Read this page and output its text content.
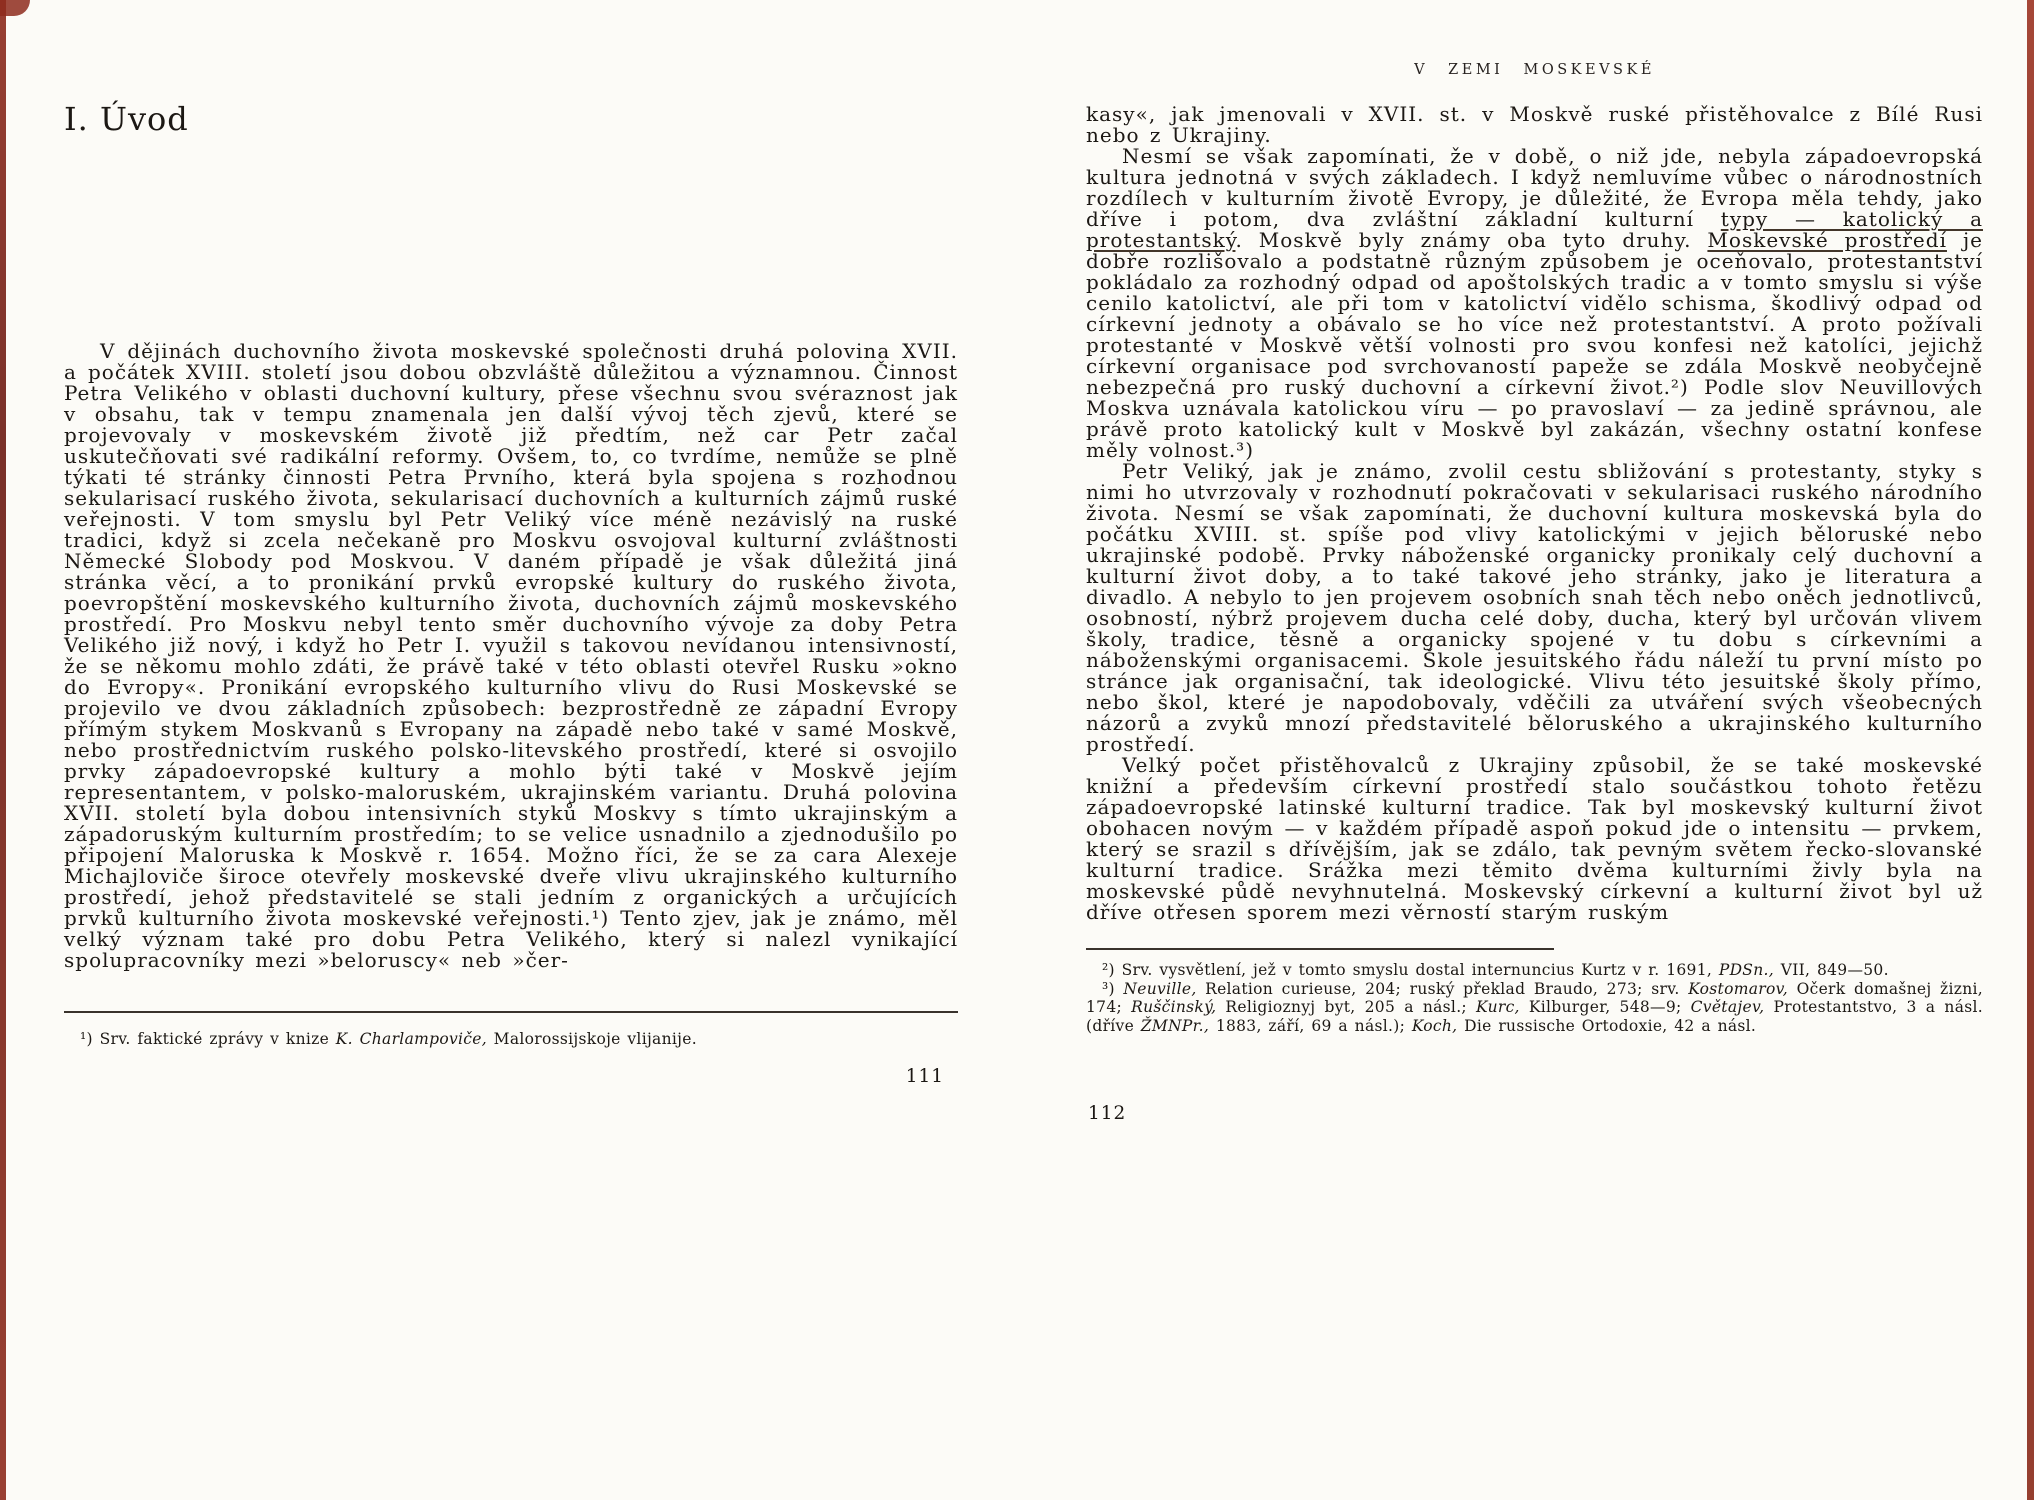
I. Úvod

V dějinách duchovního života moskevské společnosti druhá polovina XVII. a počátek XVIII. století jsou dobou obzvláště důležitou a významnou. Činnost Petra Velikého v oblasti duchovní kultury, přese všechnu svou svéraznost jak v obsahu, tak v tempu znamenala jen další vývoj těch zjevů, které se projevovaly v moskevském životě již předtím, než car Petr začal uskutečňovati své radikální reformy. Ovšem, to, co tvrdíme, nemůže se plně týkati té stránky činnosti Petra Prvního, která byla spojena s rozhodnou sekularisací ruského života, sekularisací duchovních a kulturních zájmů ruské veřejnosti. V tom smyslu byl Petr Veliký více méně nezávislý na ruské tradici, když si zcela nečekaně pro Moskvu osvojoval kulturní zvláštnosti Německé Slobody pod Moskvou. V daném případě je však důležitá jiná stránka věcí, a to pronikání prvků evropské kultury do ruského života, poevropštění moskevského kulturního života, duchovních zájmů moskevského prostředí. Pro Moskvu nebyl tento směr duchovního vývoje za doby Petra Velikého již nový, i když ho Petr I. využil s takovou nevídanou intensivností, že se někomu mohlo zdáti, že právě také v této oblasti otevřel Rusku »okno do Evropy«. Pronikání evropského kulturního vlivu do Rusi Moskevské se projevilo ve dvou základních způsobech: bezprostředně ze západní Evropy přímým stykem Moskvanů s Evropany na západě nebo také v samé Moskvě, nebo prostřednictvím ruského polsko-litevského prostředí, které si osvojilo prvky západoevropské kultury a mohlo býti také v Moskvě jejím representantem, v polsko-maloruském, ukrajinském variantu. Druhá polovina XVII. století byla dobou intensivních styků Moskvy s tímto ukrajinským a západoruským kulturním prostředím; to se velice usnadnilo a zjednodušilo po připojení Maloruska k Moskvě r. 1654. Možno říci, že se za cara Alexeje Michajloviče široce otevřely moskevské dveře vlivu ukrajinského kulturního prostředí, jehož představitelé se stali jedním z organických a určujících prvků kulturního života moskevské veřejnosti.¹) Tento zjev, jak je známo, měl velký význam také pro dobu Petra Velikého, který si nalezl vynikající spolupracovníky mezi »beloruscy« neb »čer-

¹) Srv. faktické zprávy v knize K. Charlampoviče, Malorossijskoje vlijanije.

111
V ZEMI MOSKEVSKÉ

kasy«, jak jmenovali v XVII. st. v Moskvě ruské přistěhovalce z Bílé Rusi nebo z Ukrajiny.

Nesmí se však zapomínati, že v době, o niž jde, nebyla západoevropská kultura jednotná v svých základech. I když nemluvíme vůbec o národnostních rozdílech v kulturním životě Evropy, je důležité, že Evropa měla tehdy, jako dříve i potom, dva zvláštní základní kulturní typy — katolický a protestantský. Moskvě byly známy oba tyto druhy. Moskevské prostředí je dobře rozlišovalo a podstatně různým způsobem je oceňovalo, protestantství pokládalo za rozhodný odpad od apoštolských tradic a v tomto smyslu si výše cenilo katolictví, ale při tom v katolictví vidělo schisma, škodlivý odpad od církevní jednoty a obávalo se ho více než protestantství. A proto požívali protestanté v Moskvě větší volnosti pro svou konfesi než katolíci, jejichž církevní organisace pod svrchovaností papeže se zdála Moskvě neobyčejně nebezpečná pro ruský duchovní a církevní život.²) Podle slov Neuvillových Moskva uznávala katolickou víru — po pravoslaví — za jedině správnou, ale právě proto katolický kult v Moskvě byl zakázán, všechny ostatní konfese měly volnost.³)

Petr Veliký, jak je známo, zvolil cestu sbližování s protestanty, styky s nimi ho utvrzovaly v rozhodnutí pokračovati v sekularisaci ruského národního života. Nesmí se však zapomínati, že duchovní kultura moskevská byla do počátku XVIII. st. spíše pod vlivy katolickými v jejich běloruské nebo ukrajinské podobě. Prvky náboženské organicky pronikaly celý duchovní a kulturní život doby, a to také takové jeho stránky, jako je literatura a divadlo. A nebylo to jen projevem osobních snah těch nebo oněch jednotlivců, osobností, nýbrž projevem ducha celé doby, ducha, který byl určován vlivem školy, tradice, těsně a organicky spojené v tu dobu s církevními a náboženskými organisacemi. Škole jesuitského řádu náleží tu první místo po stránce jak organisační, tak ideologické. Vlivu této jesuitské školy přímo, nebo škol, které je napodobovaly, vděčili za utváření svých všeobecných názorů a zvyků mnozí představitelé běloruského a ukrajinského kulturního prostředí.

Velký počet přistěhovalců z Ukrajiny způsobil, že se také moskevské knižní a především církevní prostředí stalo součástkou tohoto řetězu západoevropské latinské kulturní tradice. Tak byl moskevský kulturní život obohacen novým — v každém případě aspoň pokud jde o intensitu — prvkem, který se srazil s dřívějším, jak se zdálo, tak pevným světem řecko-slovanské kulturní tradice. Srážka mezi těmito dvěma kulturními živly byla na moskevské půdě nevyhnutelná. Moskevský církevní a kulturní život byl už dříve otřesen sporem mezi věrností starým ruským

²) Srv. vysvětlení, jež v tomto smyslu dostal internuncius Kurtz v r. 1691, PDSn., VII, 849—50.

³) Neuville, Relation curieuse, 204; ruský překlad Braudo, 273; srv. Kostomarov, Očerk domašnej žizni, 174; Ruščinský, Religioznyj byt, 205 a násl.; Kurc, Kilburger, 548—9; Cvětajev, Protestantstvo, 3 a násl. (dříve ŽMNPr., 1883, září, 69 a násl.); Koch, Die russische Ortodoxie, 42 a násl.

112
